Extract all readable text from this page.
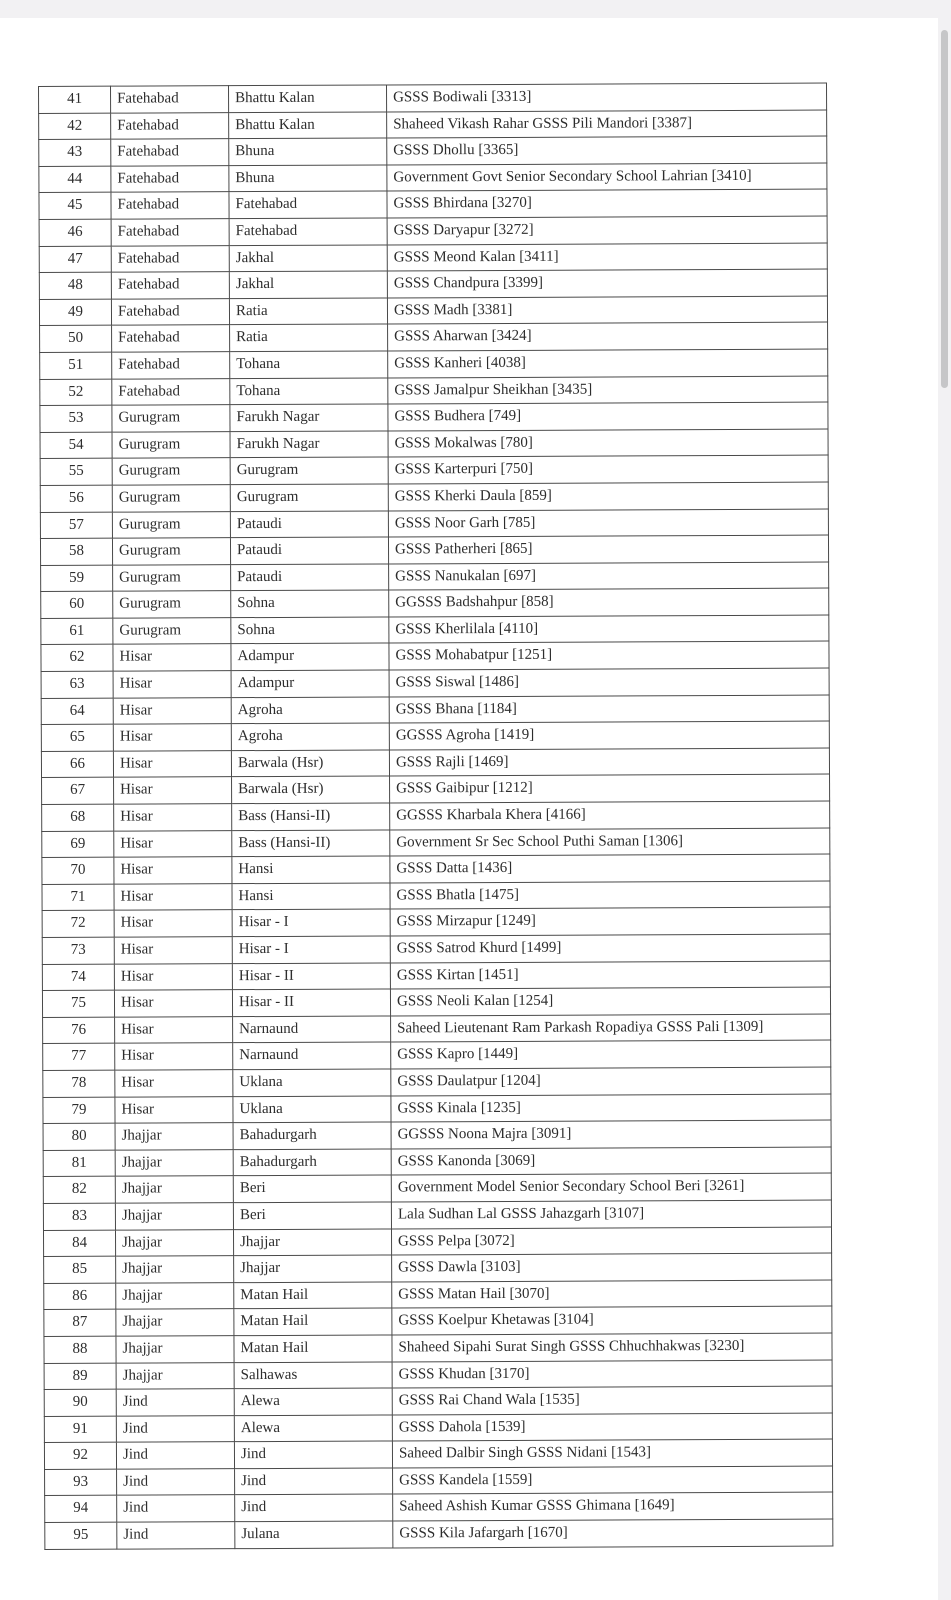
41	Fatehabad	Bhattu Kalan	GSSS Bodiwali [3313]
42	Fatehabad	Bhattu Kalan	Shaheed Vikash Rahar GSSS Pili Mandori [3387]
43	Fatehabad	Bhuna	GSSS Dhollu [3365]
44	Fatehabad	Bhuna	Government Govt Senior Secondary School Lahrian [3410]
45	Fatehabad	Fatehabad	GSSS Bhirdana [3270]
46	Fatehabad	Fatehabad	GSSS Daryapur [3272]
47	Fatehabad	Jakhal	GSSS Meond Kalan [3411]
48	Fatehabad	Jakhal	GSSS Chandpura [3399]
49	Fatehabad	Ratia	GSSS Madh [3381]
50	Fatehabad	Ratia	GSSS Aharwan [3424]
51	Fatehabad	Tohana	GSSS Kanheri [4038]
52	Fatehabad	Tohana	GSSS Jamalpur Sheikhan [3435]
53	Gurugram	Farukh Nagar	GSSS Budhera [749]
54	Gurugram	Farukh Nagar	GSSS Mokalwas [780]
55	Gurugram	Gurugram	GSSS Karterpuri [750]
56	Gurugram	Gurugram	GSSS Kherki Daula [859]
57	Gurugram	Pataudi	GSSS Noor Garh [785]
58	Gurugram	Pataudi	GSSS Patherheri [865]
59	Gurugram	Pataudi	GSSS Nanukalan [697]
60	Gurugram	Sohna	GGSSS Badshahpur [858]
61	Gurugram	Sohna	GSSS Kherlilala [4110]
62	Hisar	Adampur	GSSS Mohabatpur [1251]
63	Hisar	Adampur	GSSS Siswal [1486]
64	Hisar	Agroha	GSSS Bhana [1184]
65	Hisar	Agroha	GGSSS Agroha [1419]
66	Hisar	Barwala (Hsr)	GSSS Rajli [1469]
67	Hisar	Barwala (Hsr)	GSSS Gaibipur [1212]
68	Hisar	Bass (Hansi-II)	GGSSS Kharbala Khera [4166]
69	Hisar	Bass (Hansi-II)	Government Sr Sec School Puthi Saman [1306]
70	Hisar	Hansi	GSSS Datta [1436]
71	Hisar	Hansi	GSSS Bhatla [1475]
72	Hisar	Hisar - I	GSSS Mirzapur [1249]
73	Hisar	Hisar - I	GSSS Satrod Khurd [1499]
74	Hisar	Hisar - II	GSSS Kirtan [1451]
75	Hisar	Hisar - II	GSSS Neoli Kalan [1254]
76	Hisar	Narnaund	Saheed Lieutenant Ram Parkash Ropadiya GSSS Pali [1309]
77	Hisar	Narnaund	GSSS Kapro [1449]
78	Hisar	Uklana	GSSS Daulatpur [1204]
79	Hisar	Uklana	GSSS Kinala [1235]
80	Jhajjar	Bahadurgarh	GGSSS Noona Majra [3091]
81	Jhajjar	Bahadurgarh	GSSS Kanonda [3069]
82	Jhajjar	Beri	Government Model Senior Secondary School Beri [3261]
83	Jhajjar	Beri	Lala Sudhan Lal GSSS Jahazgarh [3107]
84	Jhajjar	Jhajjar	GSSS Pelpa [3072]
85	Jhajjar	Jhajjar	GSSS Dawla [3103]
86	Jhajjar	Matan Hail	GSSS Matan Hail [3070]
87	Jhajjar	Matan Hail	GSSS Koelpur Khetawas [3104]
88	Jhajjar	Matan Hail	Shaheed Sipahi Surat Singh GSSS Chhuchhakwas [3230]
89	Jhajjar	Salhawas	GSSS Khudan [3170]
90	Jind	Alewa	GSSS Rai Chand Wala [1535]
91	Jind	Alewa	GSSS Dahola [1539]
92	Jind	Jind	Saheed Dalbir Singh GSSS Nidani [1543]
93	Jind	Jind	GSSS Kandela [1559]
94	Jind	Jind	Saheed Ashish Kumar GSSS Ghimana [1649]
95	Jind	Julana	GSSS Kila Jafargarh [1670]
